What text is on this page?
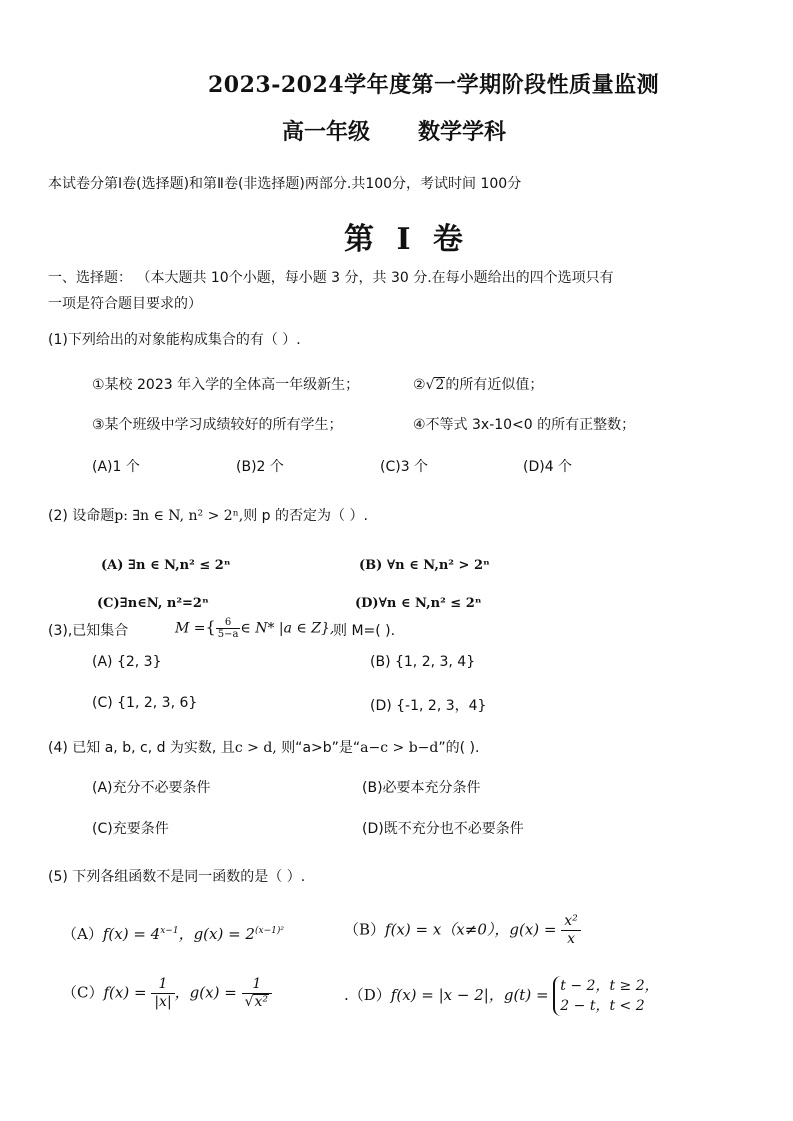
2023-2024学年度第一学期阶段性质量监测
高一年级 数学学科
本试卷分第Ⅰ卷(选择题)和第Ⅱ卷(非选择题)两部分.共100分，考试时间 100分
第 I 卷
一、选择题： （本大题共 10个小题，每小题 3 分，共 30 分.在每小题给出的四个选项只有
一项是符合题目要求的）
(1)下列给出的对象能构成集合的有（ ）.
①某校 2023 年入学的全体高一年级新生；	②√2的所有近似值；
③某个班级中学习成绩较好的所有学生；	④不等式 3x-10<0 的所有正整数；
(A)1 个	(B)2 个	(C)3 个	(D)4 个
(2) 设命题p: ∃n ∈ N, n² > 2ⁿ,则 p 的否定为（ ）.
(A) ∃n ∈ N,n² ≤ 2ⁿ	(B) ∀n ∈ N,n² > 2ⁿ
(C)∃n∈N, n²=2ⁿ	(D)∀n ∈ N,n² ≤ 2ⁿ
(3),已知集合	M ={ $\frac{6}{5-a}$ ∈ N* |a ∈ Z},
则 M=( ).
(A) {2, 3}	(B) {1, 2, 3, 4}
(C) {1, 2, 3, 6}	(D) {-1, 2, 3，4}
(4) 已知 a, b, c, d 为实数, 且c > d, 则“a>b”是“a−c > b−d”的( ).
(A)充分不必要条件	(B)必要本充分条件
(C)充要条件	(D)既不充分也不必要条件
(5) 下列各组函数不是同一函数的是（ ）.
$(A)f(x) = 4^{x-1}$，$g(x) = 2^{(x-1)^2}$	（B）f(x) = x（x≠0），$g(x) = \frac{\text{x²}}{x}$
$(C)f(x) = \frac{1}{|x|}$ ，$g(x) = \frac{1}{\text{√x²}}$	.（D）f(x) = |x − 2|，g(t) = t − 2，t ≥ 2，
2 − t，t < 2
